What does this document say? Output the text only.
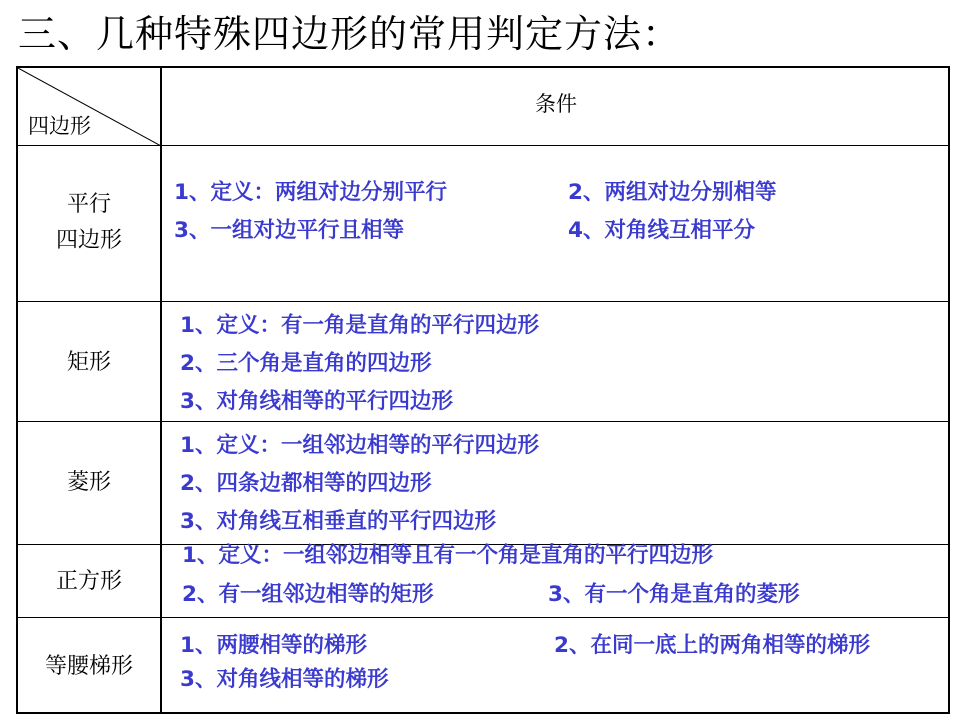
三、几种特殊四边形的常用判定方法：
四边形
条件
平行
四边形
1、定义：两组对边分别平行	2、两组对边分别相等
3、一组对边平行且相等	4、对角线互相平分
矩形
1、定义：有一角是直角的平行四边形
2、三个角是直角的四边形
3、对角线相等的平行四边形
菱形
1、定义：一组邻边相等的平行四边形
2、四条边都相等的四边形
3、对角线互相垂直的平行四边形
正方形
1、定义：一组邻边相等且有一个角是直角的平行四边形
2、有一组邻边相等的矩形	3、有一个角是直角的菱形
等腰梯形
1、两腰相等的梯形	2、在同一底上的两角相等的梯形
3、对角线相等的梯形
